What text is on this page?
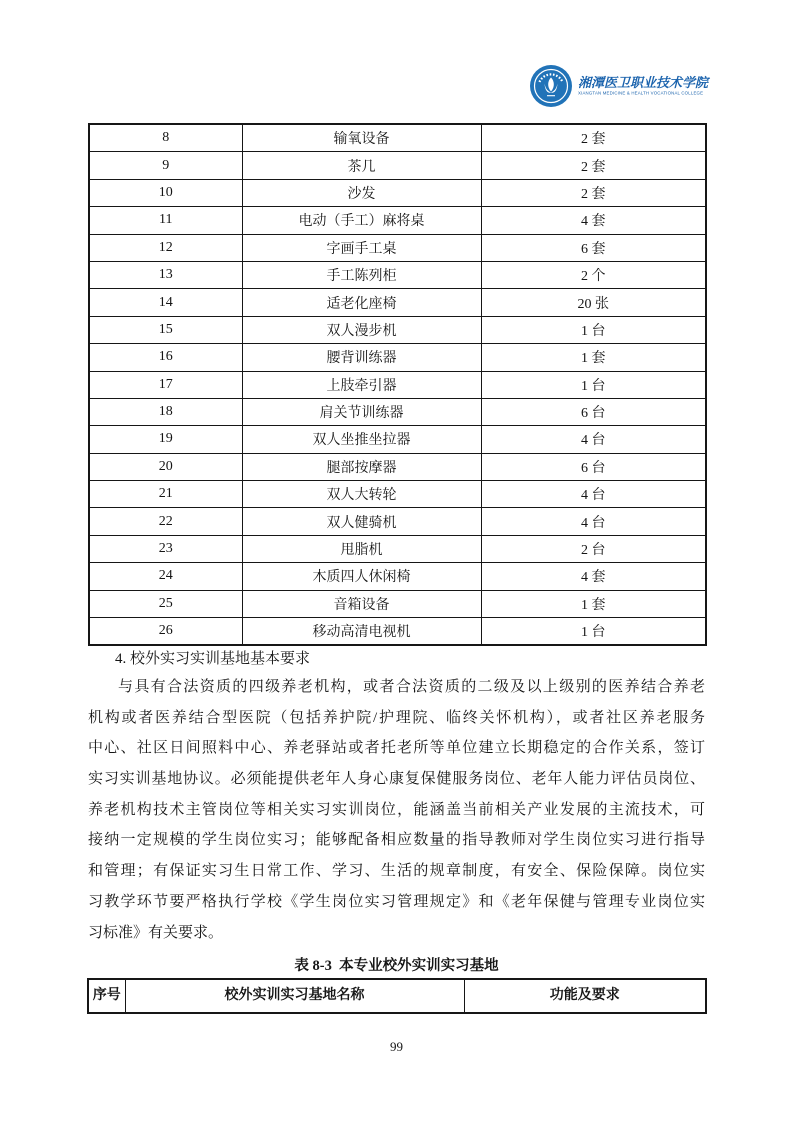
湘潭医卫职业技术学院
XIANGTAN MEDICINE & HEALTH VOCATIONAL COLLEGE
8	输氧设备	2 套
9	茶几	2 套
10	沙发	2 套
11	电动（手工）麻将桌	4 套
12	字画手工桌	6 套
13	手工陈列柜	2 个
14	适老化座椅	20 张
15	双人漫步机	1 台
16	腰背训练器	1 套
17	上肢牵引器	1 台
18	肩关节训练器	6 台
19	双人坐推坐拉器	4 台
20	腿部按摩器	6 台
21	双人大转轮	4 台
22	双人健骑机	4 台
23	甩脂机	2 台
24	木质四人休闲椅	4 套
25	音箱设备	1 套
26	移动高清电视机	1 台
4. 校外实习实训基地基本要求
与具有合法资质的四级养老机构，或者合法资质的二级及以上级别的医养结合养老
机构或者医养结合型医院（包括养护院/护理院、临终关怀机构），或者社区养老服务
中心、社区日间照料中心、养老驿站或者托老所等单位建立长期稳定的合作关系，签订
实习实训基地协议。必须能提供老年人身心康复保健服务岗位、老年人能力评估员岗位、
养老机构技术主管岗位等相关实习实训岗位，能涵盖当前相关产业发展的主流技术，可
接纳一定规模的学生岗位实习；能够配备相应数量的指导教师对学生岗位实习进行指导
和管理；有保证实习生日常工作、学习、生活的规章制度，有安全、保险保障。岗位实
习教学环节要严格执行学校《学生岗位实习管理规定》和《老年保健与管理专业岗位实
习标准》有关要求。
表 8-3  本专业校外实训实习基地
序号	校外实训实习基地名称	功能及要求
99
